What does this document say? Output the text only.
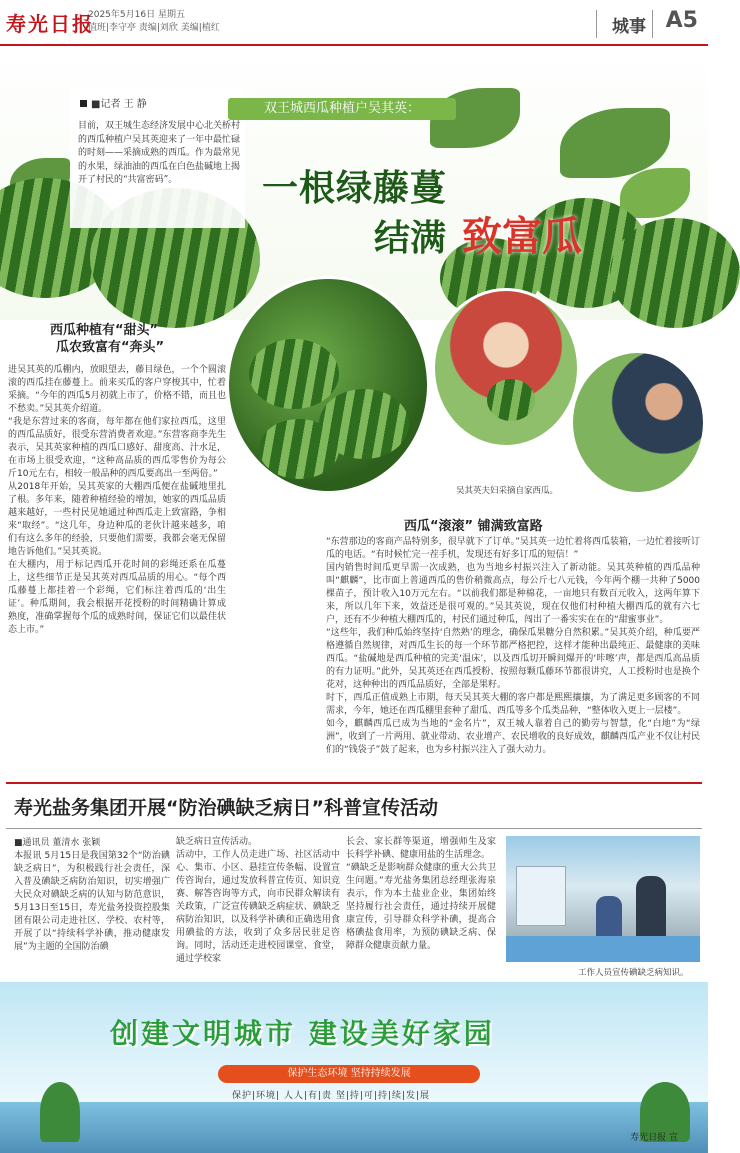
寿光日报
2025年5月16日 星期五
值班|李守亭 责编|刘欣 美编|植红	城事 A5
■记者 王 静
目前，双王城生态经济发展中心北关桥村的西瓜种植户吴其英迎来了一年中最忙碌的时刻——采摘成熟的西瓜。作为最常见的水果，绿油油的西瓜在白色盐碱地上揭开了村民的“共富密码”。
双王城西瓜种植户吴其英：
一根绿藤蔓
结满 致富瓜
吴其英夫妇采摘自家西瓜。
西瓜种植有“甜头”
瓜农致富有“奔头”
进吴其英的瓜棚内，放眼望去，藤目绿色，一个个圆滚滚的西瓜挂在藤蔓上。前来买瓜的客户穿梭其中，忙着采摘。“今年的西瓜5月初就上市了，价格不错，而且也不愁卖。”吴其英介绍道。
“我是东营过来的客商，每年都在他们家拉西瓜，这里的西瓜品质好，很受东营消费者欢迎。”东营客商李先生表示，吴其英家种植的西瓜口感好、甜度高、汁水足，在市场上很受欢迎，“这种高品质的西瓜零售价为每公斤10元左右，相较一般品种的西瓜要高出一至两倍。”
从2018年开始，吴其英家的大棚西瓜便在盐碱地里扎了根。多年来，随着种植经验的增加，她家的西瓜品质越来越好，一些村民见她通过种西瓜走上致富路，争相来“取经”。“这几年，身边种瓜的老伙计越来越多，咱们有这么多年的经验，只要他们需要，我都会毫无保留地告诉他们。”吴其英说。
在大棚内，用于标记西瓜开花时间的彩绳还系在瓜蔓上，这些细节正是吴其英对西瓜品质的用心。“每个西瓜藤蔓上都挂着一个彩绳，它们标注着西瓜的‘出生证’。种瓜期间，我会根据开花授粉的时间精确计算成熟度，准确掌握每个瓜的成熟时间，保证它们以最佳状态上市。”
西瓜“滚滚” 铺满致富路
“东营那边的客商产品特别多，很早就下了订单。”吴其英一边忙着将西瓜装箱，一边忙着接听订瓜的电话。“有时候忙完一茬手机，发现还有好多订瓜的短信！”
国内销售时间瓜更早需一次成熟，也为当地乡村振兴注入了新动能。吴其英种植的西瓜品种叫“麒麟”，比市面上普通西瓜的售价稍微高点，每公斤七八元钱，今年两个棚一共种了5000棵苗子，预计收入10万元左右。“以前我们都是种棉花，一亩地只有数百元收入，这两年算下来，所以几年下来，效益还是很可观的。”吴其英说，现在仅他们村种植大棚西瓜的就有六七户，还有不少种植大棚西瓜的，村民们通过种瓜，闯出了一番实实在在的“甜蜜事业”。
“这些年，我们种瓜始终坚持‘自然熟’的理念，确保瓜果糖分自然积累。”吴其英介绍，种瓜要严格遵循自然规律，对西瓜生长的每一个环节都严格把控，这样才能种出最纯正、最健康的美味西瓜。“盐碱地是西瓜种植的完美‘温床’，以及西瓜切开瞬间爆开的‘咔嚓’声，都是西瓜高品质的有力证明。”此外，吴其英还在西瓜授粉、按照每颗瓜藤环节都很讲究，人工授粉时也是换个花对，这种种出的西瓜品质好，全部是果籽。
时下，西瓜正值成熟上市期，每天吴其英大棚的客户都是熙熙攘攘，为了满足更多顾客的不同需求，今年，她还在西瓜棚里套种了甜瓜、西瓜等多个瓜类品种，“整体收入更上一层楼”。
如今，麒麟西瓜已成为当地的“金名片”，双王城人靠着自己的勤劳与智慧，化“白地”为“绿洲”，收到了一片两用、就业带动、农业增产、农民增收的良好成效，麒麟西瓜产业不仅让村民们的“钱袋子”鼓了起来，也为乡村振兴注入了强大动力。
寿光盐务集团开展“防治碘缺乏病日”科普宣传活动
■通讯员 董清水 张颖
本报讯 5月15日是我国第32个“防治碘缺乏病日”，为积极践行社会责任，深入普及碘缺乏病防治知识，切实增强广大民众对碘缺乏病的认知与防范意识，5月13日至15日，寿光盐务投资控股集团有限公司走进社区、学校、农村等，开展了以“持续科学补碘，推动健康发展”为主题的全国防治碘
缺乏病日宣传活动。
活动中，工作人员走进广场、社区活动中心、集市、小区、悬挂宣传条幅、设置宣传咨询台，通过发放科普宣传页、知识竞赛、解答咨询等方式，向市民群众解读有关政策，广泛宣传碘缺乏病症状、碘缺乏病防治知识，以及科学补碘和正确选用食用碘盐的方法，收到了众多居民驻足咨询。同时，活动还走进校园课堂、食堂，通过学校家
长会、家长群等渠道，增强师生及家长科学补碘、健康用盐的生活理念。
“碘缺乏是影响群众健康的重大公共卫生问题。”寿光盐务集团总经理张海泉表示，作为本土盐业企业，集团始终坚持履行社会责任，通过持续开展健康宣传，引导群众科学补碘，提高合格碘盐食用率，为预防碘缺乏病、保障群众健康贡献力量。
工作人员宣传碘缺乏病知识。
创建文明城市 建设美好家园
保护生态环境 坚持持续发展
保护|环境| 人人|有|责 坚|持|可|持|续|发|展
寿光日报 宣
